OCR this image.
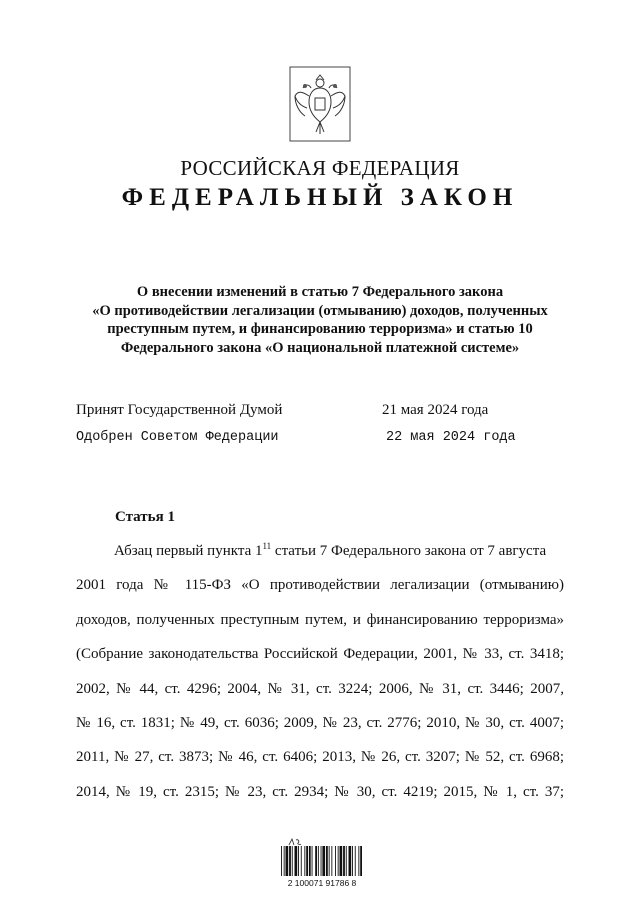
РОССИЙСКАЯ ФЕДЕРАЦИЯ
ФЕДЕРАЛЬНЫЙ ЗАКОН
О внесении изменений в статью 7 Федерального закона
«О противодействии легализации (отмыванию) доходов, полученных
преступным путем, и финансированию терроризма» и статью 10
Федерального закона «О национальной платежной системе»
Принят Государственной Думой	21 мая 2024 года
Одобрен Советом Федерации	22 мая 2024 года
Статья 1
Абзац первый пункта $1^{11}$ статьи 7 Федерального закона от 7 августа
2001 года № 115-ФЗ «О противодействии легализации (отмыванию)
доходов, полученных преступным путем, и финансированию терроризма»
(Собрание законодательства Российской Федерации, 2001, № 33, ст. 3418;
2002, № 44, ст. 4296; 2004, № 31, ст. 3224; 2006, № 31, ст. 3446; 2007,
№ 16, ст. 1831; № 49, ст. 6036; 2009, № 23, ст. 2776; 2010, № 30, ст. 4007;
2011, № 27, ст. 3873; № 46, ст. 6406; 2013, № 26, ст. 3207; № 52, ст. 6968;
2014, № 19, ст. 2315; № 23, ст. 2934; № 30, ст. 4219; 2015, № 1, ст. 37;
2 100071 91786 8
